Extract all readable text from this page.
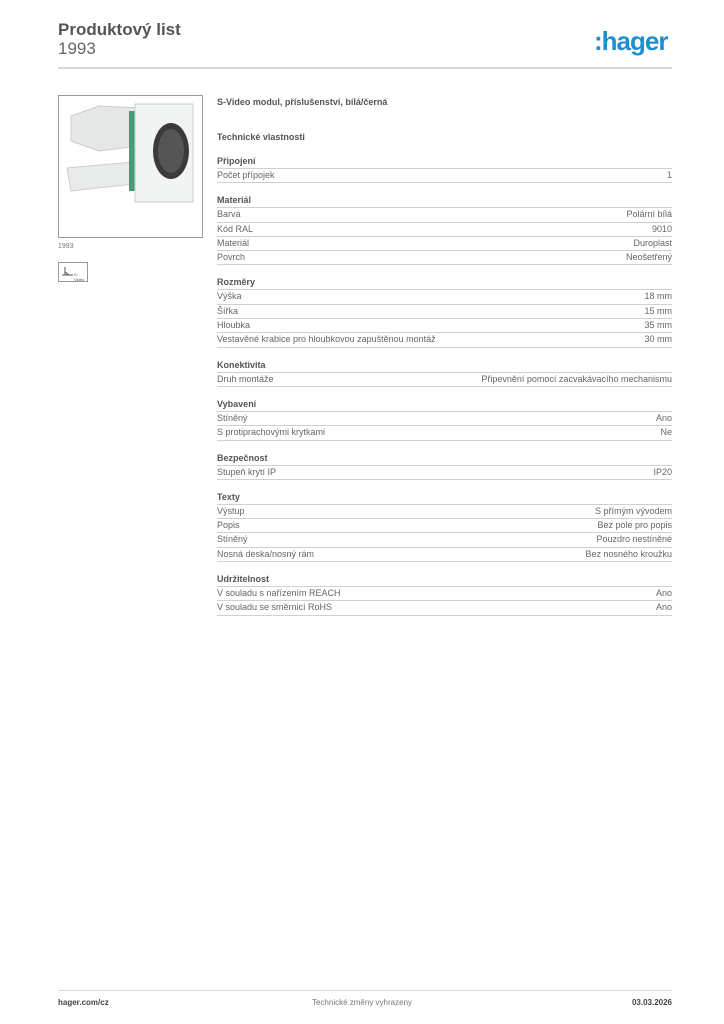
Produktový list
1993	:hager
1993
S-Video
S-Video modul, příslušenství, bílá/černá
Technické vlastnosti
Připojení
Počet přípojek	1
Materiál
Barva	Polární bílá
Kód RAL	9010
Materiál	Duroplast
Povrch	Neošetřený
Rozměry
Výška	18 mm
Šířka	15 mm
Hloubka	35 mm
Vestavěné krabice pro hloubkovou zapuštěnou montáž	30 mm
Konektivita
Druh montáže	Připevnění pomocí zacvakávacího mechanismu
Vybavení
Stíněný	Ano
S protiprachovými krytkami	Ne
Bezpečnost
Stupeň krytí IP	IP20
Texty
Výstup	S přímým vývodem
Popis	Bez pole pro popis
Stíněný	Pouzdro nestíněné
Nosná deska/nosný rám	Bez nosného kroužku
Udržitelnost
V souladu s nařízením REACH	Ano
V souladu se směrnicí RoHS	Ano
hager.com/cz	Technické změny vyhrazeny	03.03.2026
